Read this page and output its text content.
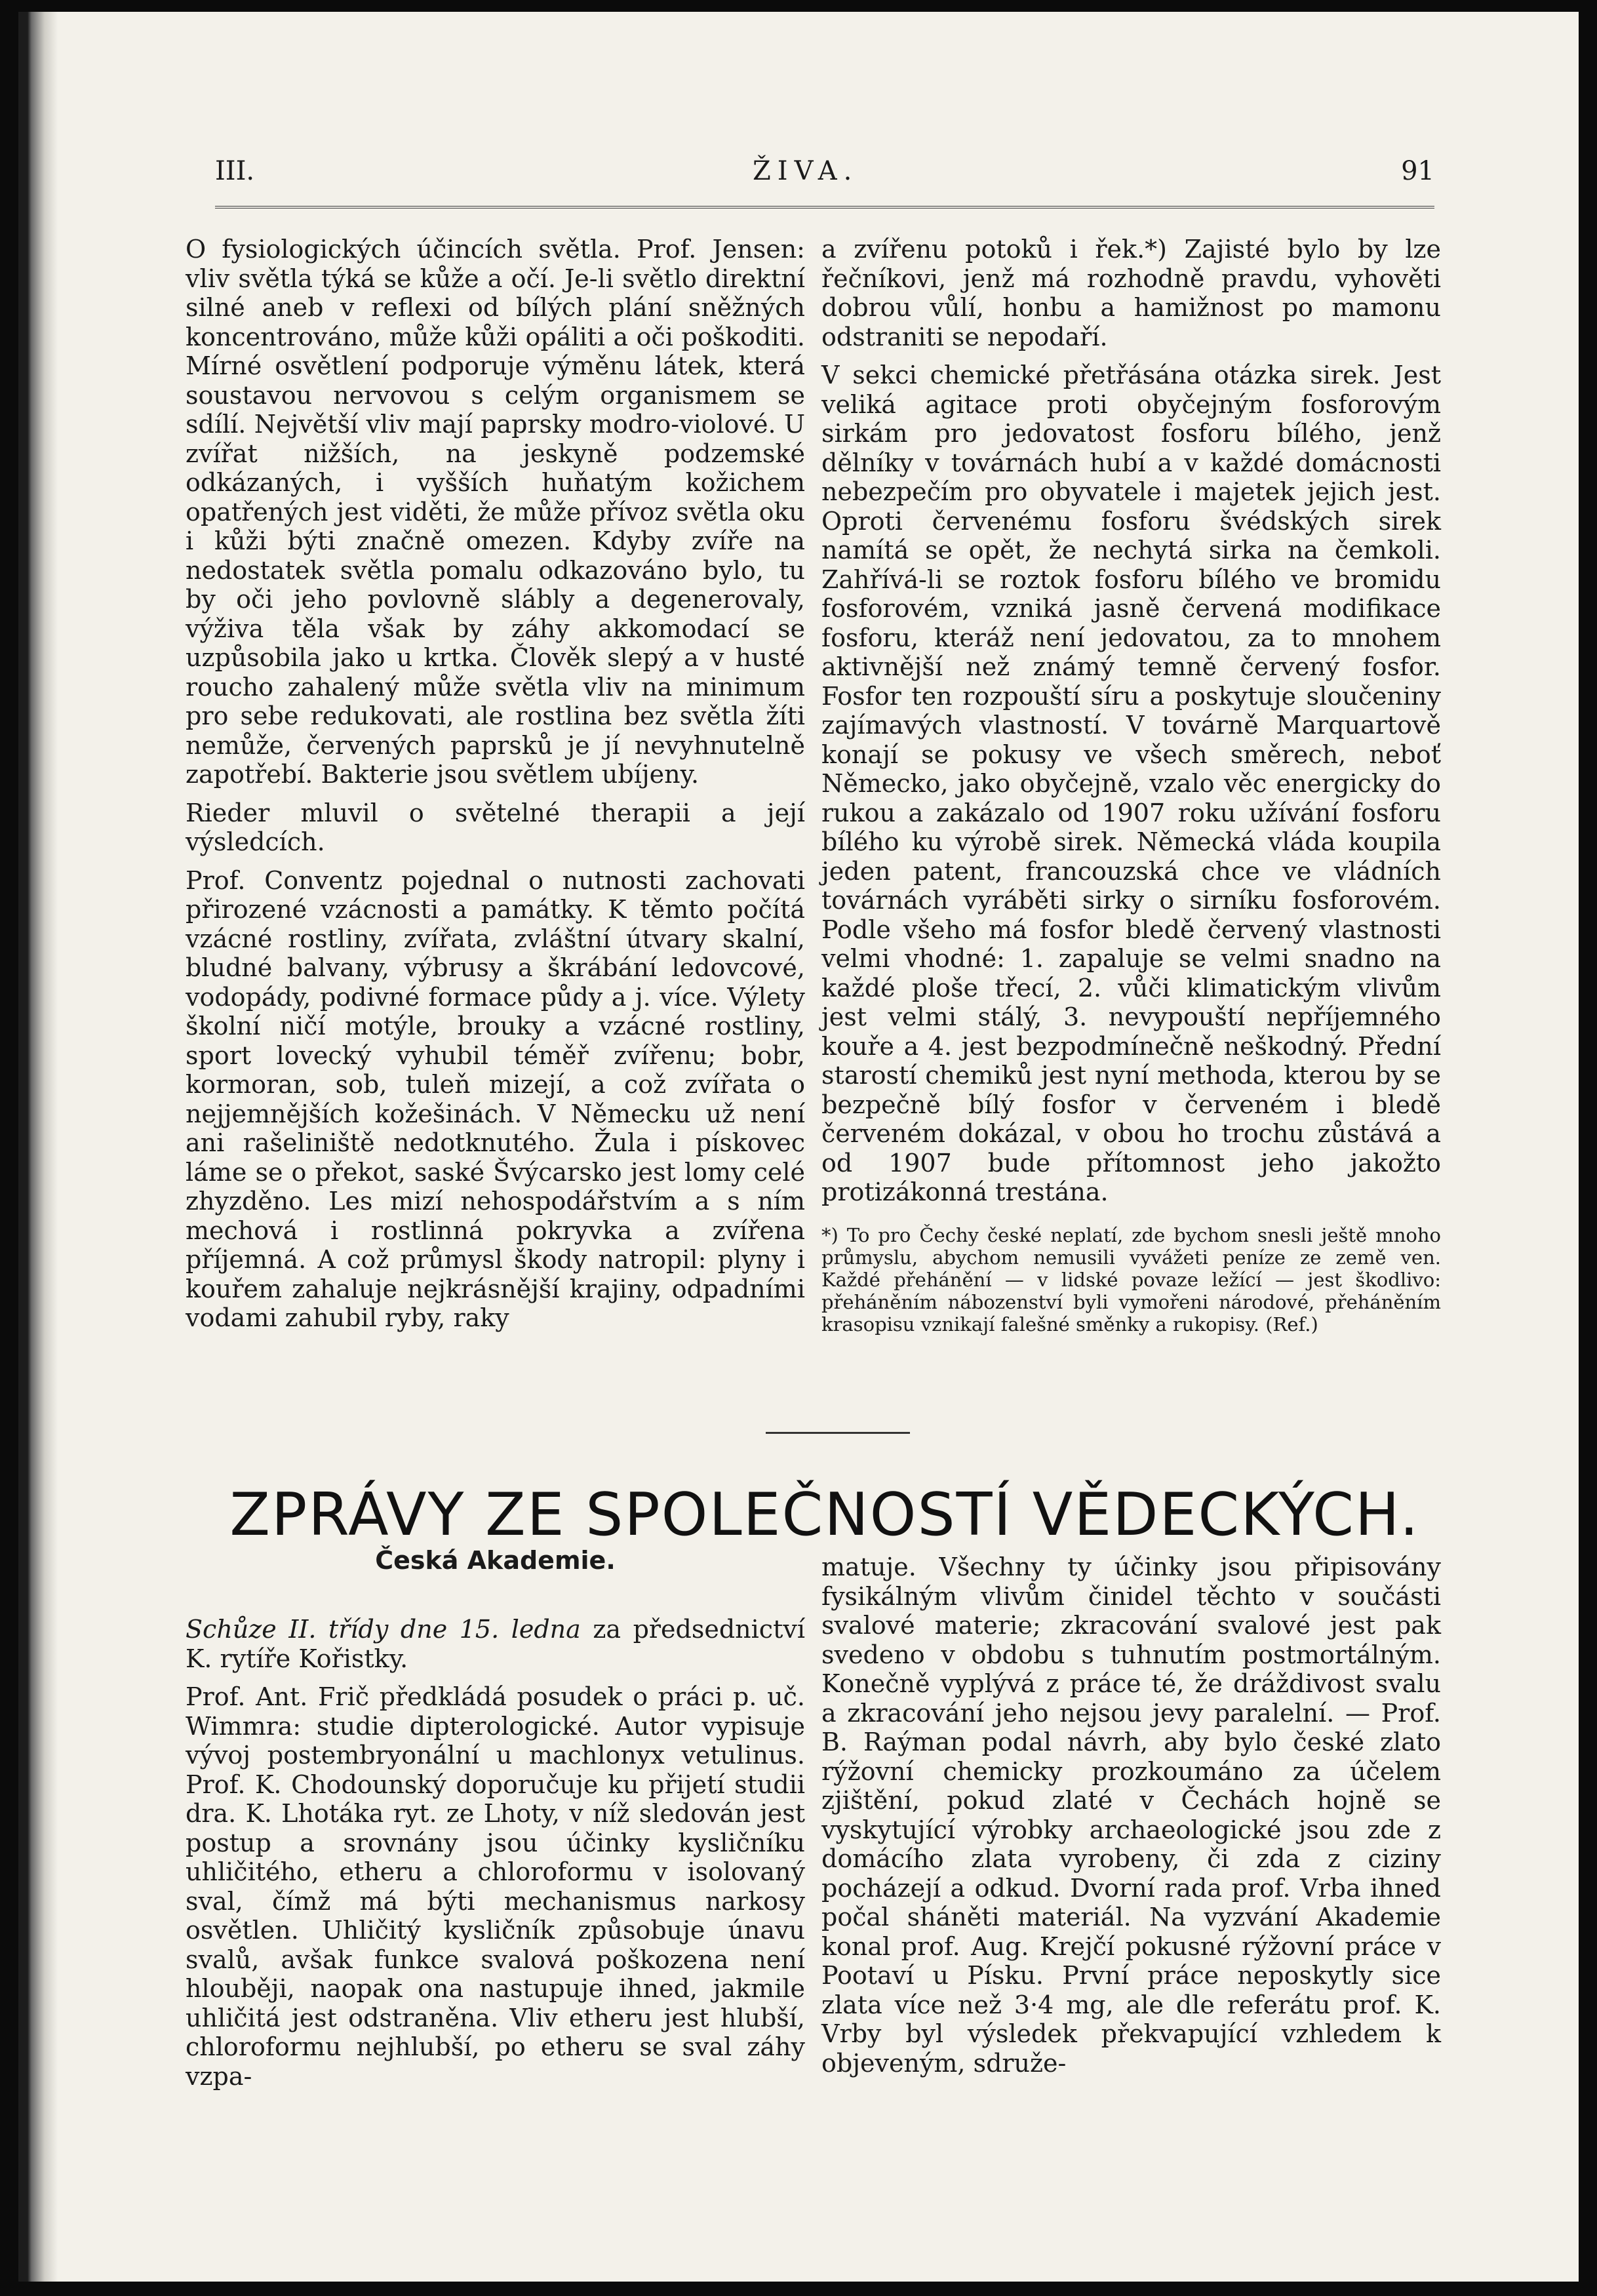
III.	ŽIVA.	91

O fysiologických účincích světla. Prof. Jensen: vliv světla týká se kůže a očí. Je-li světlo direktní silné aneb v reflexi od bílých plání sněžných koncentrováno, může kůži opáliti a oči poškoditi. Mírné osvětlení podporuje výměnu látek, která soustavou nervovou s celým organismem se sdílí. Největší vliv mají paprsky modro-violové. U zvířat nižších, na jeskyně podzemské odkázaných, i vyšších huňatým kožichem opatřených jest viděti, že může přívoz světla oku i kůži býti značně omezen. Kdyby zvíře na nedostatek světla pomalu odkazováno bylo, tu by oči jeho povlovně slábly a degenerovaly, výživa těla však by záhy akkomodací se uzpůsobila jako u krtka. Člověk slepý a v husté roucho zahalený může světla vliv na minimum pro sebe redukovati, ale rostlina bez světla žíti nemůže, červených paprsků je jí nevyhnutelně zapotřebí. Bakterie jsou světlem ubíjeny.

Rieder mluvil o světelné therapii a její výsledcích.

Prof. Conventz pojednal o nutnosti zachovati přirozené vzácnosti a památky. K těmto počítá vzácné rostliny, zvířata, zvláštní útvary skalní, bludné balvany, výbrusy a škrábání ledovcové, vodopády, podivné formace půdy a j. více. Výlety školní ničí motýle, brouky a vzácné rostliny, sport lovecký vyhubil téměř zvířenu; bobr, kormoran, sob, tuleň mizejí, a což zvířata o nejjemnějších kožešinách. V Německu už není ani rašeliniště nedotknutého. Žula i pískovec láme se o překot, saské Švýcarsko jest lomy celé zhyzděno. Les mizí nehospodářstvím a s ním mechová i rostlinná pokryvka a zvířena příjemná. A což průmysl škody natropil: plyny i kouřem zahaluje nejkrásnější krajiny, odpadními vodami zahubil ryby, raky

a zvířenu potoků i řek.*) Zajisté bylo by lze řečníkovi, jenž má rozhodně pravdu, vyhověti dobrou vůlí, honbu a hamižnost po mamonu odstraniti se nepodaří.

V sekci chemické přetřásána otázka sirek. Jest veliká agitace proti obyčejným fosforovým sirkám pro jedovatost fosforu bílého, jenž dělníky v továrnách hubí a v každé domácnosti nebezpečím pro obyvatele i majetek jejich jest. Oproti červenému fosforu švédských sirek namítá se opět, že nechytá sirka na čemkoli. Zahřívá-li se roztok fosforu bílého ve bromidu fosforovém, vzniká jasně červená modifikace fosforu, kteráž není jedovatou, za to mnohem aktivnější než známý temně červený fosfor. Fosfor ten rozpouští síru a poskytuje sloučeniny zajímavých vlastností. V továrně Marquartově konají se pokusy ve všech směrech, neboť Německo, jako obyčejně, vzalo věc energicky do rukou a zakázalo od 1907 roku užívání fosforu bílého ku výrobě sirek. Německá vláda koupila jeden patent, francouzská chce ve vládních továrnách vyráběti sirky o sirníku fosforovém. Podle všeho má fosfor bledě červený vlastnosti velmi vhodné: 1. zapaluje se velmi snadno na každé ploše třecí, 2. vůči klimatickým vlivům jest velmi stálý, 3. nevypouští nepříjemného kouře a 4. jest bezpodmínečně neškodný. Přední starostí chemiků jest nyní methoda, kterou by se bezpečně bílý fosfor v červeném i bledě červeném dokázal, v obou ho trochu zůstává a od 1907 bude přítomnost jeho jakožto protizákonná trestána.

*) To pro Čechy české neplatí, zde bychom snesli ještě mnoho průmyslu, abychom nemusili vyvážeti peníze ze země ven. Každé přehánění — v lidské povaze ležící — jest škodlivo: přeháněním nábozenství byli vymořeni národové, přeháněním krasopisu vznikají falešné směnky a rukopisy. (Ref.)

ZPRÁVY ZE SPOLEČNOSTÍ VĚDECKÝCH.
Česká Akademie.

Schůze II. třídy dne 15. ledna za předsednictví K. rytíře Kořistky.

Prof. Ant. Frič předkládá posudek o práci p. uč. Wimmra: studie dipterologické. Autor vypisuje vývoj postembryonální u machlonyx vetulinus. Prof. K. Chodounský doporučuje ku přijetí studii dra. K. Lhotáka ryt. ze Lhoty, v níž sledován jest postup a srovnány jsou účinky kysličníku uhličitého, etheru a chloroformu v isolovaný sval, čímž má býti mechanismus narkosy osvětlen. Uhličitý kysličník způsobuje únavu svalů, avšak funkce svalová poškozena není hlouběji, naopak ona nastupuje ihned, jakmile uhličitá jest odstraněna. Vliv etheru jest hlubší, chloroformu nejhlubší, po etheru se sval záhy vzpa-

matuje. Všechny ty účinky jsou připisovány fysikálným vlivům činidel těchto v součásti svalové materie; zkracování svalové jest pak svedeno v obdobu s tuhnutím postmortálným. Konečně vyplývá z práce té, že dráždivost svalu a zkracování jeho nejsou jevy paralelní. — Prof. B. Raýman podal návrh, aby bylo české zlato rýžovní chemicky prozkoumáno za účelem zjištění, pokud zlaté v Čechách hojně se vyskytující výrobky archaeologické jsou zde z domácího zlata vyrobeny, či zda z ciziny pocházejí a odkud. Dvorní rada prof. Vrba ihned počal sháněti materiál. Na vyzvání Akademie konal prof. Aug. Krejčí pokusné rýžovní práce v Pootaví u Písku. První práce neposkytly sice zlata více než 3·4 mg, ale dle referátu prof. K. Vrby byl výsledek překvapující vzhledem k objeveným, sdruže-
